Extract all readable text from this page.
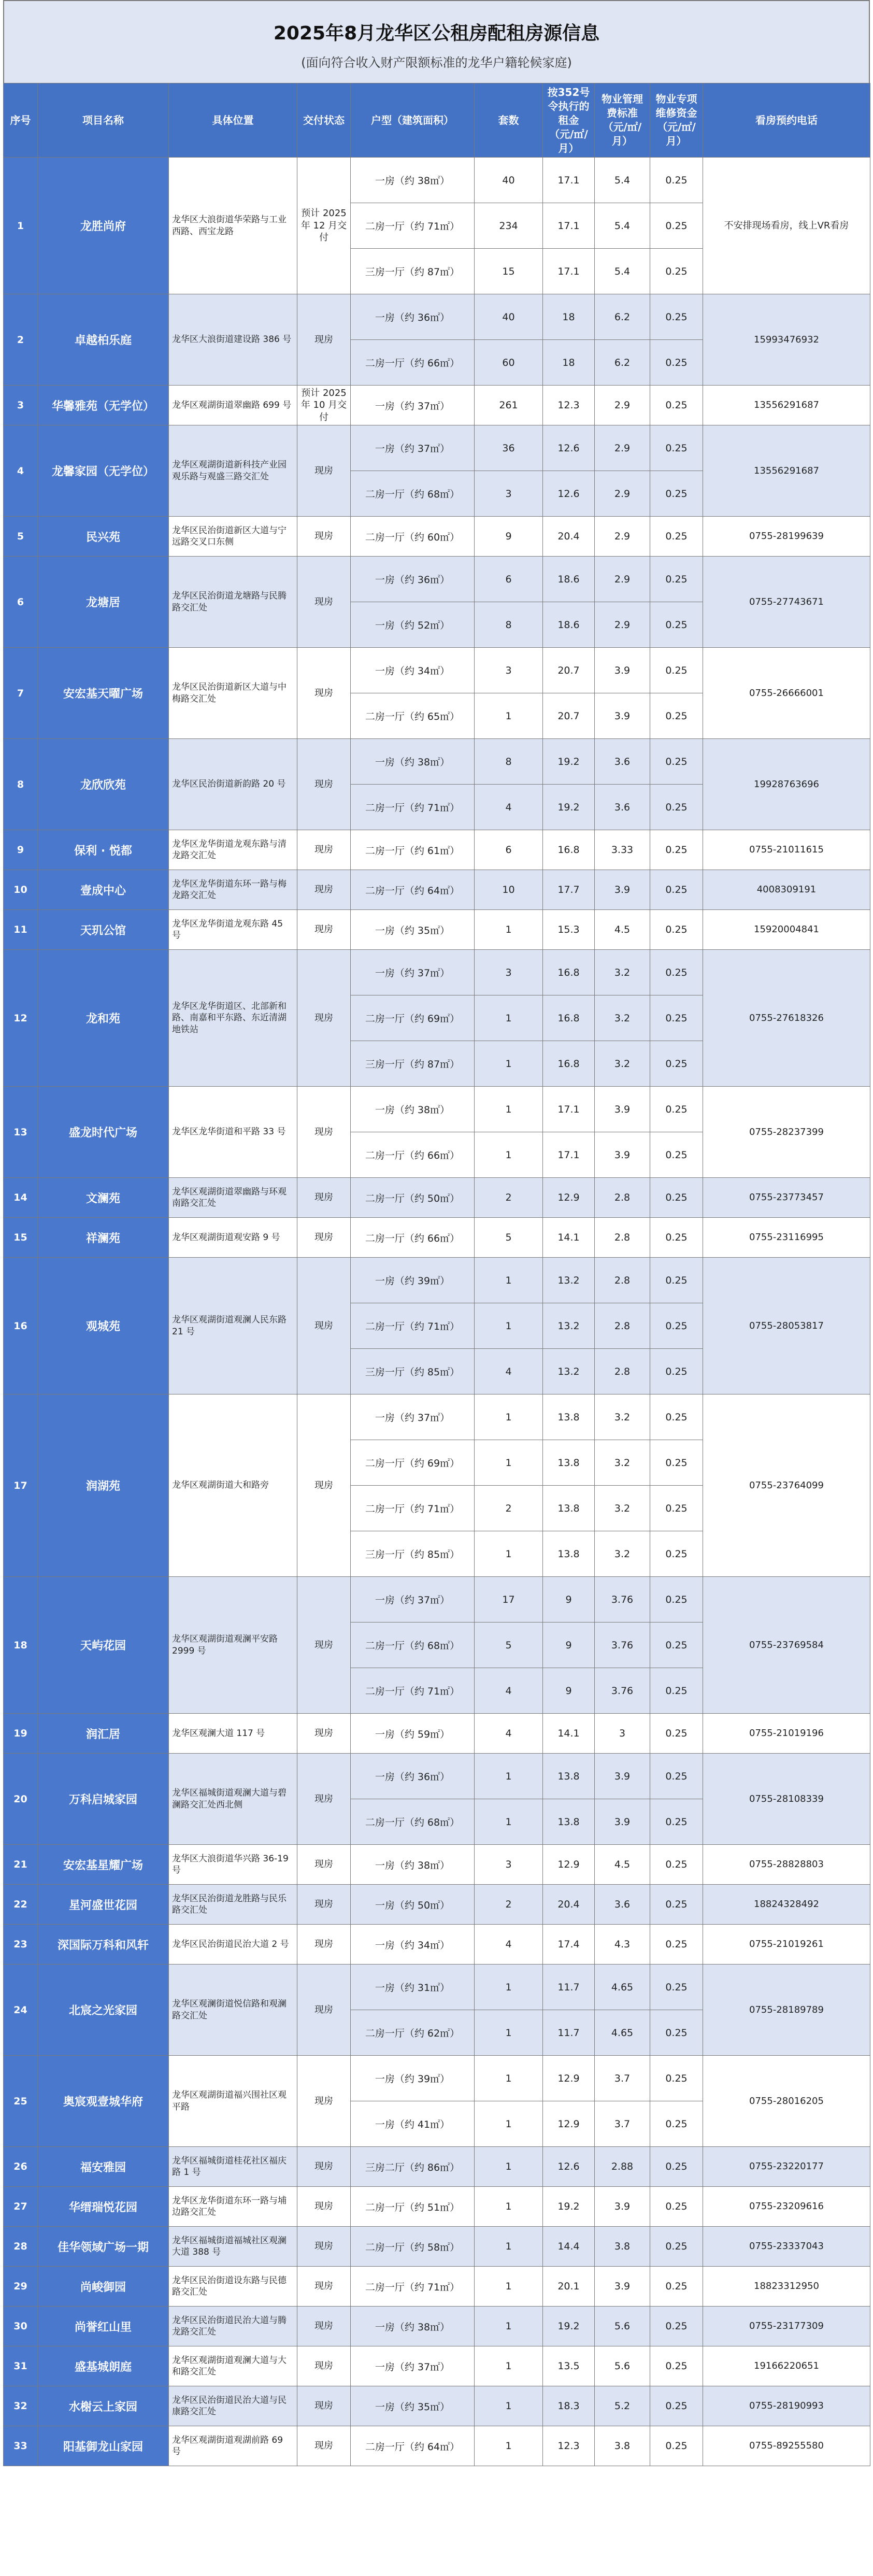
2025年8月龙华区公租房配租房源信息
(面向符合收入财产限额标准的龙华户籍轮候家庭)
序号	项目名称	具体位置	交付状态	户型（建筑面积）	套数	按352号令执行的租金（元/㎡/月）	物业管理费标准（元/㎡/月）	物业专项维修资金（元/㎡/月）	看房预约电话
1	龙胜尚府	龙华区大浪街道华荣路与工业西路、西宝龙路	预计 2025 年 12 月交付	一房（约 38㎡）	40	17.1	5.4	0.25	不安排现场看房，线上VR看房
				二房一厅（约 71㎡）	234	17.1	5.4	0.25	
				三房一厅（约 87㎡）	15	17.1	5.4	0.25	
2	卓越柏乐庭	龙华区大浪街道建设路 386 号	现房	一房（约 36㎡）	40	18	6.2	0.25	15993476932
				二房一厅（约 66㎡）	60	18	6.2	0.25	
3	华馨雅苑（无学位）	龙华区观湖街道翠幽路 699 号	预计 2025 年 10 月交付	一房（约 37㎡）	261	12.3	2.9	0.25	13556291687
4	龙馨家园（无学位）	龙华区观湖街道新科技产业园观乐路与观盛三路交汇处	现房	一房（约 37㎡）	36	12.6	2.9	0.25	13556291687
				二房一厅（约 68㎡）	3	12.6	2.9	0.25	
5	民兴苑	龙华区民治街道新区大道与宁远路交叉口东侧	现房	二房一厅（约 60㎡）	9	20.4	2.9	0.25	0755-28199639
6	龙塘居	龙华区民治街道龙塘路与民腾路交汇处	现房	一房（约 36㎡）	6	18.6	2.9	0.25	0755-27743671
				一房（约 52㎡）	8	18.6	2.9	0.25	
7	安宏基天曜广场	龙华区民治街道新区大道与中梅路交汇处	现房	一房（约 34㎡）	3	20.7	3.9	0.25	0755-26666001
				二房一厅（约 65㎡）	1	20.7	3.9	0.25	
8	龙欣欣苑	龙华区民治街道新韵路 20 号	现房	一房（约 38㎡）	8	19.2	3.6	0.25	19928763696
				二房一厅（约 71㎡）	4	19.2	3.6	0.25	
9	保利 · 悦都	龙华区龙华街道龙观东路与清龙路交汇处	现房	二房一厅（约 61㎡）	6	16.8	3.33	0.25	0755-21011615
10	壹成中心	龙华区龙华街道东环一路与梅龙路交汇处	现房	二房一厅（约 64㎡）	10	17.7	3.9	0.25	4008309191
11	天玑公馆	龙华区龙华街道龙观东路 45 号	现房	一房（约 35㎡）	1	15.3	4.5	0.25	15920004841
12	龙和苑	龙华区龙华街道区、北部新和路、南嘉和平东路、东近清湖地铁站	现房	一房（约 37㎡）	3	16.8	3.2	0.25	0755-27618326
				二房一厅（约 69㎡）	1	16.8	3.2	0.25	
				三房一厅（约 87㎡）	1	16.8	3.2	0.25	
13	盛龙时代广场	龙华区龙华街道和平路 33 号	现房	一房（约 38㎡）	1	17.1	3.9	0.25	0755-28237399
				二房一厅（约 66㎡）	1	17.1	3.9	0.25	
14	文澜苑	龙华区观湖街道翠幽路与环观南路交汇处	现房	二房一厅（约 50㎡）	2	12.9	2.8	0.25	0755-23773457
15	祥澜苑	龙华区观湖街道观安路 9 号	现房	二房一厅（约 66㎡）	5	14.1	2.8	0.25	0755-23116995
16	观城苑	龙华区观湖街道观澜人民东路 21 号	现房	一房（约 39㎡）	1	13.2	2.8	0.25	0755-28053817
				二房一厅（约 71㎡）	1	13.2	2.8	0.25	
				三房一厅（约 85㎡）	4	13.2	2.8	0.25	
17	润湖苑	龙华区观湖街道大和路旁	现房	一房（约 37㎡）	1	13.8	3.2	0.25	0755-23764099
				二房一厅（约 69㎡）	1	13.8	3.2	0.25	
				二房一厅（约 71㎡）	2	13.8	3.2	0.25	
				三房一厅（约 85㎡）	1	13.8	3.2	0.25	
18	天屿花园	龙华区观湖街道观澜平安路 2999 号	现房	一房（约 37㎡）	17	9	3.76	0.25	0755-23769584
				二房一厅（约 68㎡）	5	9	3.76	0.25	
				二房一厅（约 71㎡）	4	9	3.76	0.25	
19	润汇居	龙华区观澜大道 117 号	现房	一房（约 59㎡）	4	14.1	3	0.25	0755-21019196
20	万科启城家园	龙华区福城街道观澜大道与碧澜路交汇处西北侧	现房	一房（约 36㎡）	1	13.8	3.9	0.25	0755-28108339
				二房一厅（约 68㎡）	1	13.8	3.9	0.25	
21	安宏基星耀广场	龙华区大浪街道华兴路 36-19 号	现房	一房（约 38㎡）	3	12.9	4.5	0.25	0755-28828803
22	星河盛世花园	龙华区民治街道龙胜路与民乐路交汇处	现房	一房（约 50㎡）	2	20.4	3.6	0.25	18824328492
23	深国际万科和风轩	龙华区民治街道民治大道 2 号	现房	一房（约 34㎡）	4	17.4	4.3	0.25	0755-21019261
24	北宸之光家园	龙华区观澜街道悦信路和观澜路交汇处	现房	一房（约 31㎡）	1	11.7	4.65	0.25	0755-28189789
				二房一厅（约 62㎡）	1	11.7	4.65	0.25	
25	奥宸观壹城华府	龙华区观湖街道福兴围社区观平路	现房	一房（约 39㎡）	1	12.9	3.7	0.25	0755-28016205
				一房（约 41㎡）	1	12.9	3.7	0.25	
26	福安雅园	龙华区福城街道桂花社区福庆路 1 号	现房	三房二厅（约 86㎡）	1	12.6	2.88	0.25	0755-23220177
27	华缙瑞悦花园	龙华区龙华街道东环一路与埔边路交汇处	现房	二房一厅（约 51㎡）	1	19.2	3.9	0.25	0755-23209616
28	佳华领域广场一期	龙华区福城街道福城社区观澜大道 388 号	现房	二房一厅（约 58㎡）	1	14.4	3.8	0.25	0755-23337043
29	尚峻御园	龙华区民治街道设东路与民德路交汇处	现房	二房一厅（约 71㎡）	1	20.1	3.9	0.25	18823312950
30	尚誉红山里	龙华区民治街道民治大道与腾龙路交汇处	现房	一房（约 38㎡）	1	19.2	5.6	0.25	0755-23177309
31	盛基城朗庭	龙华区观湖街道观澜大道与大和路交汇处	现房	一房（约 37㎡）	1	13.5	5.6	0.25	19166220651
32	水榭云上家园	龙华区民治街道民治大道与民康路交汇处	现房	一房（约 35㎡）	1	18.3	5.2	0.25	0755-28190993
33	阳基御龙山家园	龙华区观湖街道观湖前路 69 号	现房	二房一厅（约 64㎡）	1	12.3	3.8	0.25	0755-89255580
